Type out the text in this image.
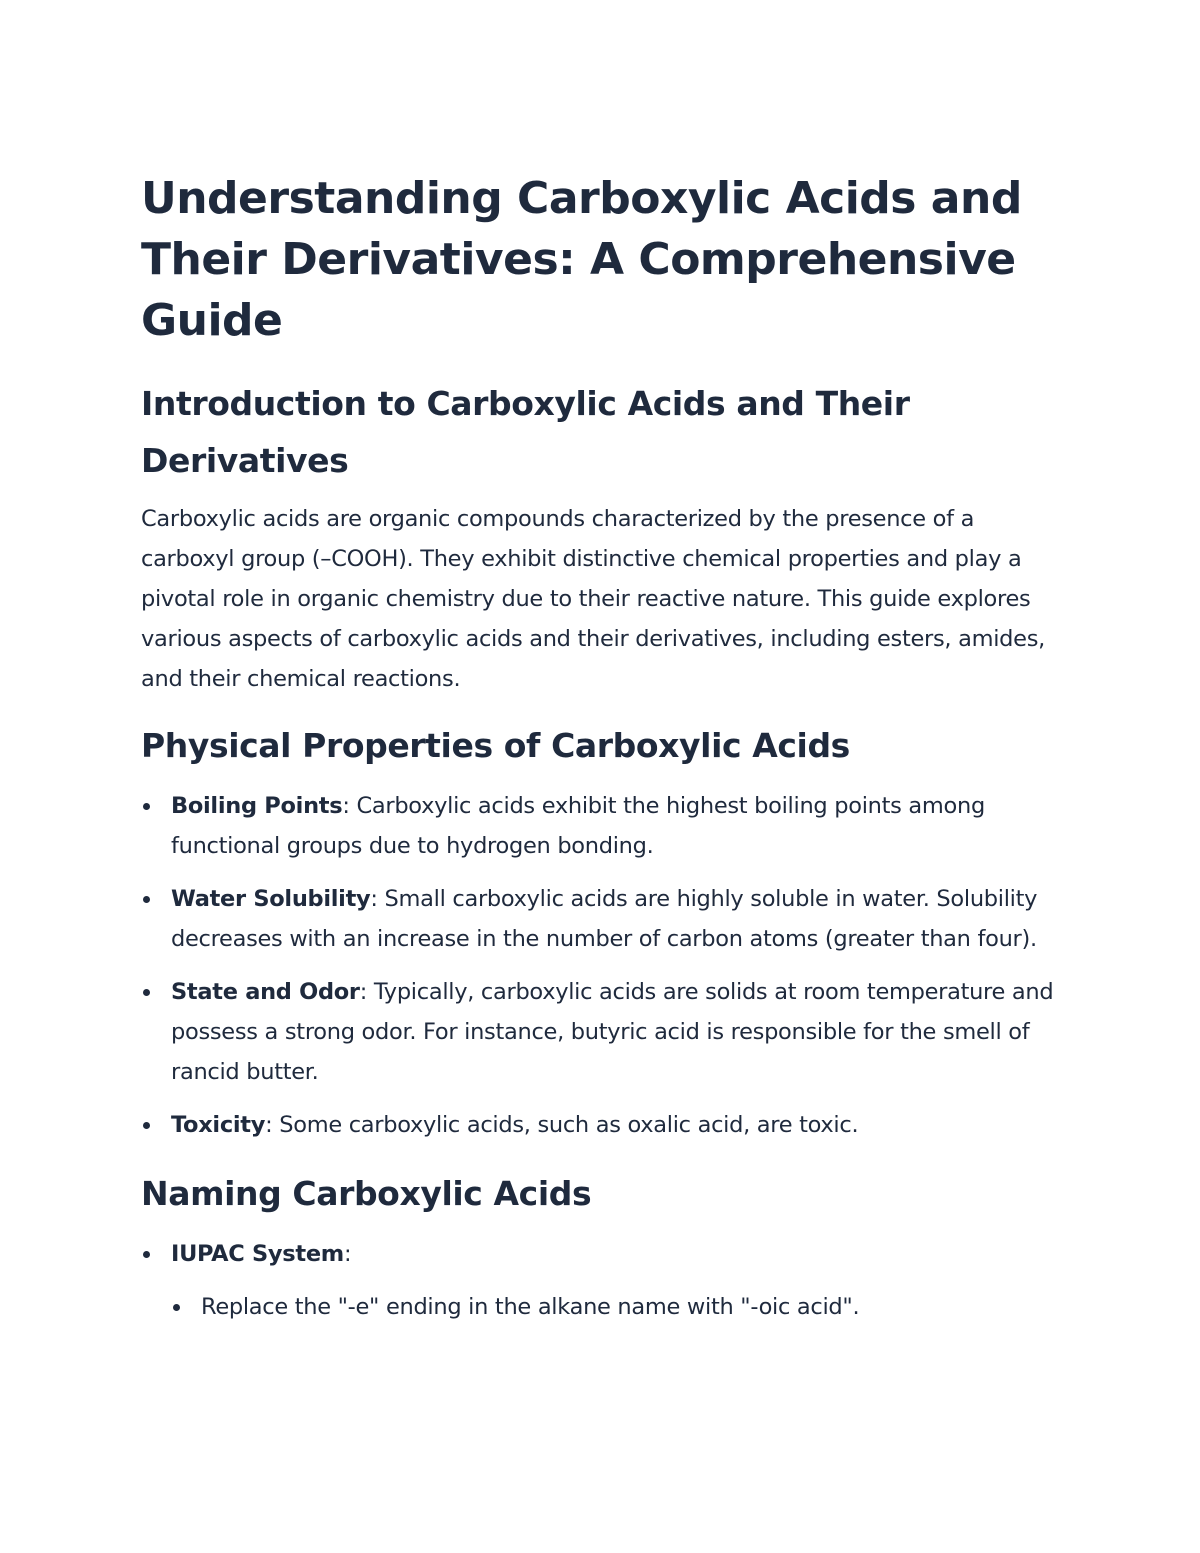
Understanding Carboxylic Acids and Their Derivatives: A Comprehensive Guide
Introduction to Carboxylic Acids and Their Derivatives

Carboxylic acids are organic compounds characterized by the presence of a carboxyl group (–COOH). They exhibit distinctive chemical properties and play a pivotal role in organic chemistry due to their reactive nature. This guide explores various aspects of carboxylic acids and their derivatives, including esters, amides, and their chemical reactions.

Physical Properties of Carboxylic Acids
Boiling Points: Carboxylic acids exhibit the highest boiling points among functional groups due to hydrogen bonding.
Water Solubility: Small carboxylic acids are highly soluble in water. Solubility decreases with an increase in the number of carbon atoms (greater than four).
State and Odor: Typically, carboxylic acids are solids at room temperature and possess a strong odor. For instance, butyric acid is responsible for the smell of rancid butter.
Toxicity: Some carboxylic acids, such as oxalic acid, are toxic.
Naming Carboxylic Acids
IUPAC System:
Replace the "-e" ending in the alkane name with "-oic acid".
